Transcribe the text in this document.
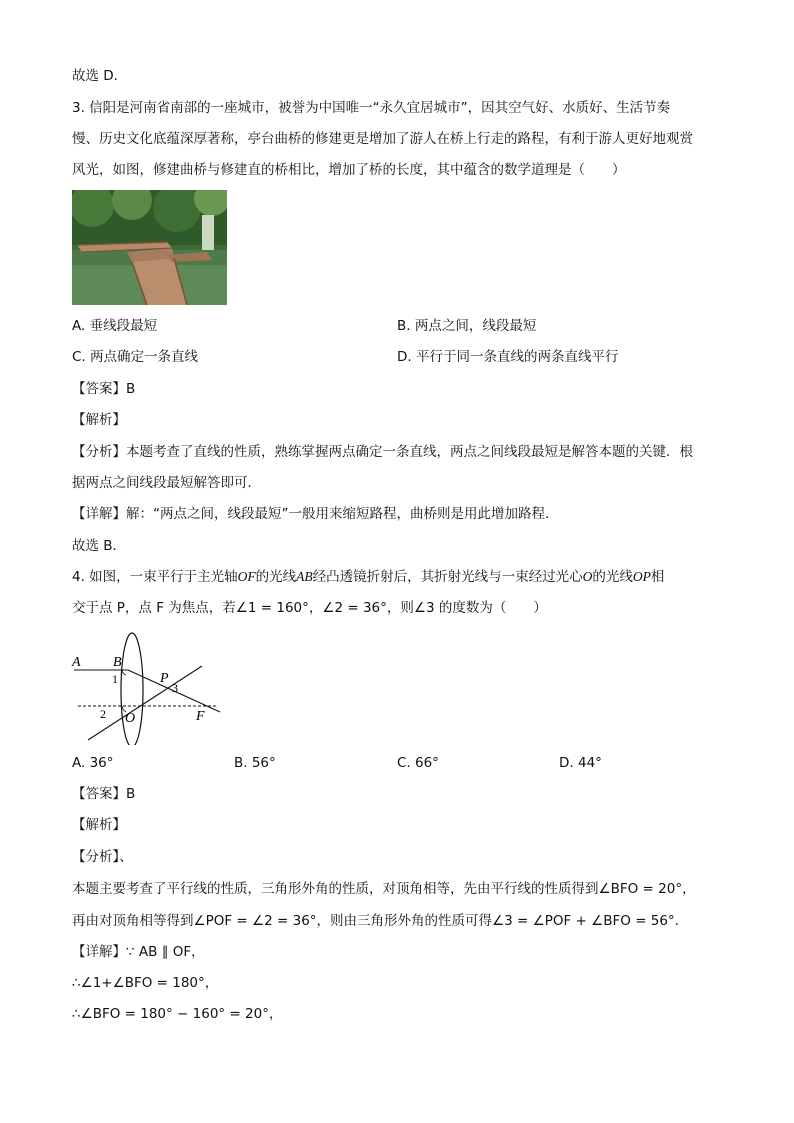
故选 D．
3. 信阳是河南省南部的一座城市，被誉为中国唯一“永久宜居城市”，因其空气好、水质好、生活节奏
慢、历史文化底蕴深厚著称，亭台曲桥的修建更是增加了游人在桥上行走的路程，有利于游人更好地观赏
风光，如图，修建曲桥与修建直的桥相比，增加了桥的长度，其中蕴含的数学道理是（　　）
A. 垂线段最短	B. 两点之间，线段最短
C. 两点确定一条直线	D. 平行于同一条直线的两条直线平行
【答案】B
【解析】
【分析】本题考查了直线的性质，熟练掌握两点确定一条直线，两点之间线段最短是解答本题的关键．根
据两点之间线段最短解答即可．
【详解】解：“两点之间，线段最短”一般用来缩短路程，曲桥则是用此增加路程．
故选 B．
4. 如图，一束平行于主光轴OF的光线AB经凸透镜折射后，其折射光线与一束经过光心O的光线OP相
交于点 P，点 F 为焦点，若∠1 = 160°，∠2 = 36°，则∠3 的度数为（　　）
A B
1	P
3
2 O	F
A. 36°	B. 56°	C. 66°	D. 44°
【答案】B
【解析】
【分析】、
本题主要考查了平行线的性质，三角形外角的性质，对顶角相等，先由平行线的性质得到∠BFO = 20°，
再由对顶角相等得到∠POF = ∠2 = 36°，则由三角形外角的性质可得∠3 = ∠POF + ∠BFO = 56°．
【详解】∵ AB ∥ OF，
∴∠1+∠BFO = 180°，
∴∠BFO = 180° − 160° = 20°，
